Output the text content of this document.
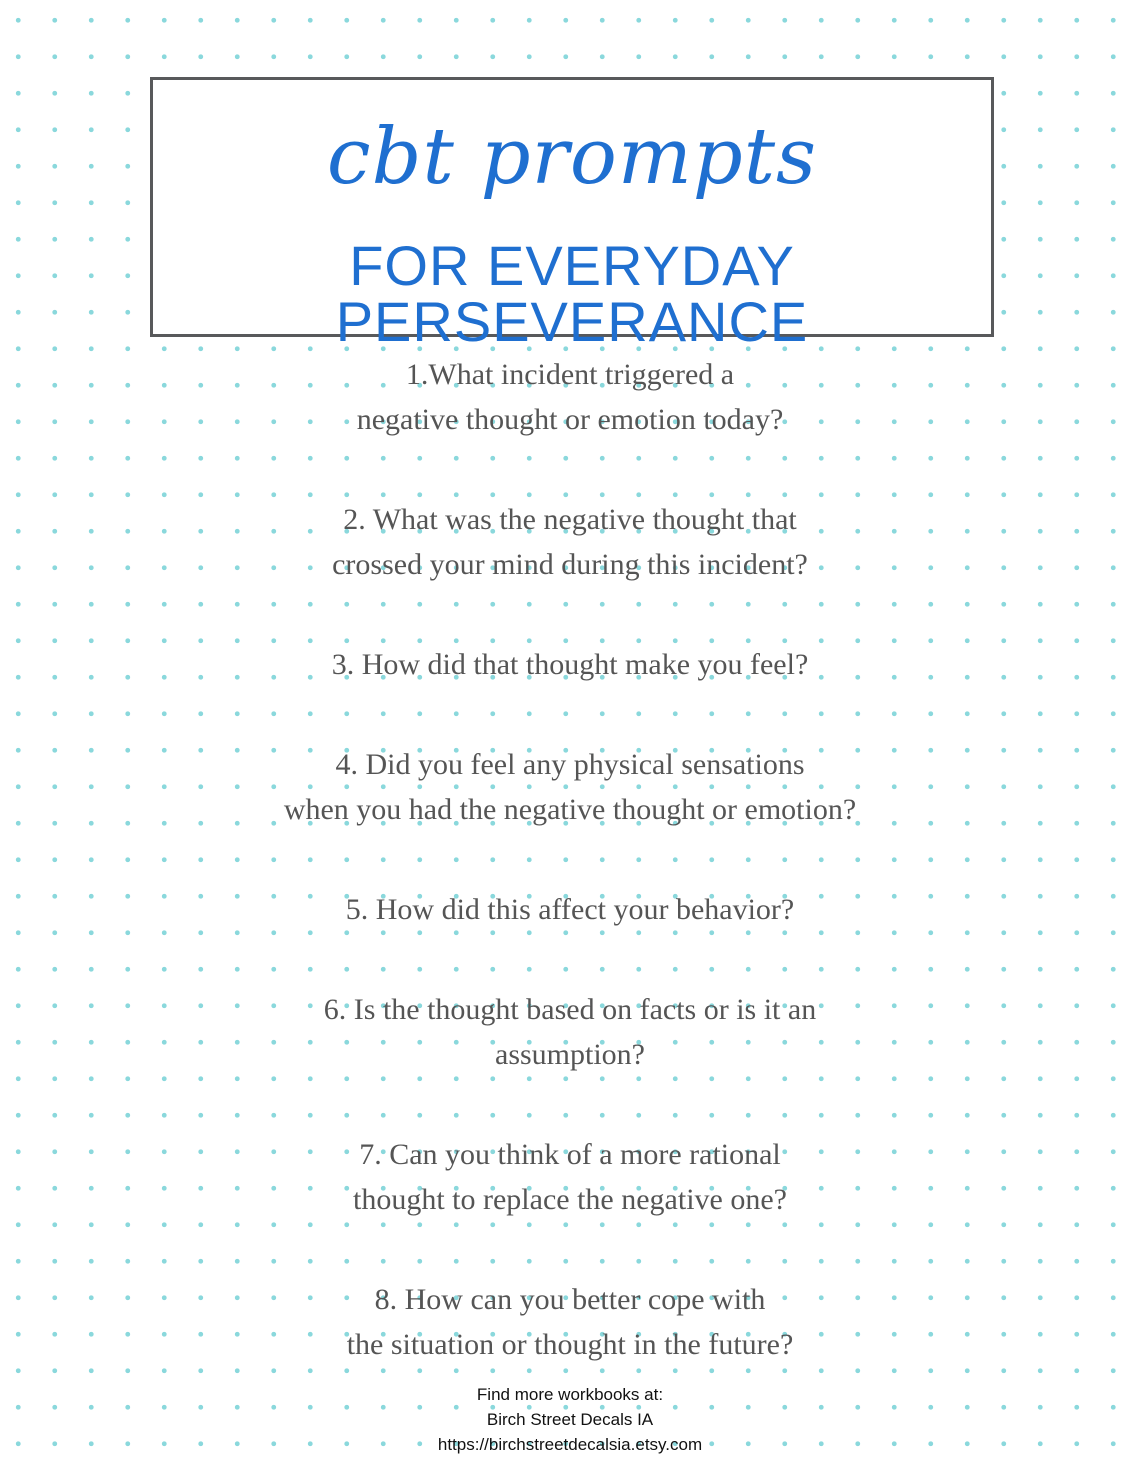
cbt prompts
FOR EVERYDAY PERSEVERANCE
1.What incident triggered a
negative thought or emotion today?
2. What was the negative thought that
crossed your mind during this incident?
3. How did that thought make you feel?
4. Did you feel any physical sensations
when you had the negative thought or emotion?
5. How did this affect your behavior?
6. Is the thought based on facts or is it an
assumption?
7. Can you think of a more rational
thought to replace the negative one?
8. How can you better cope with
the situation or thought in the future?
Find more workbooks at:
Birch Street Decals IA
https://birchstreetdecalsia.etsy.com
